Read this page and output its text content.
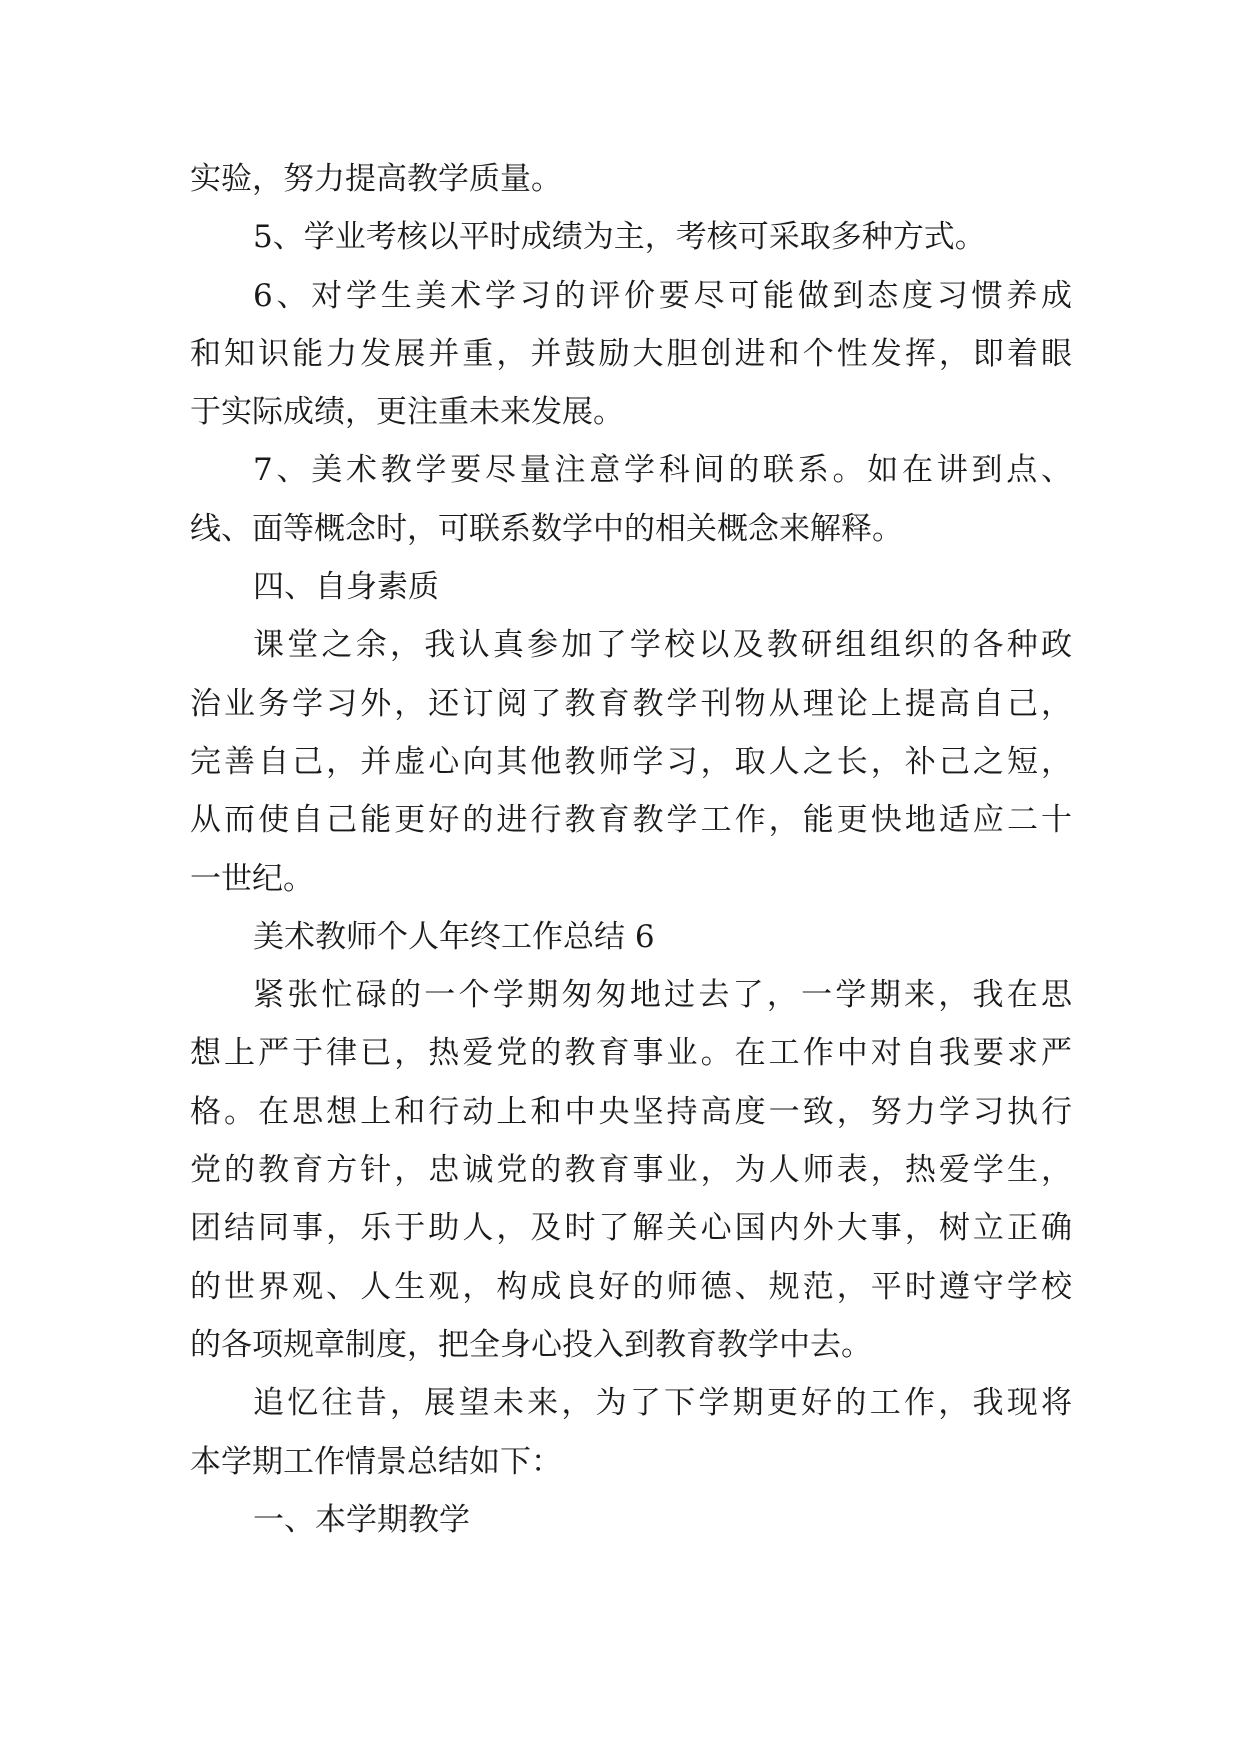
实验，努力提高教学质量。
5、学业考核以平时成绩为主，考核可采取多种方式。
6、对学生美术学习的评价要尽可能做到态度习惯养成
和知识能力发展并重，并鼓励大胆创进和个性发挥，即着眼
于实际成绩，更注重未来发展。
7、美术教学要尽量注意学科间的联系。如在讲到点、
线、面等概念时，可联系数学中的相关概念来解释。
四、自身素质
课堂之余，我认真参加了学校以及教研组组织的各种政
治业务学习外，还订阅了教育教学刊物从理论上提高自己，
完善自己，并虚心向其他教师学习，取人之长，补己之短，
从而使自己能更好的进行教育教学工作，能更快地适应二十
一世纪。
美术教师个人年终工作总结 6
紧张忙碌的一个学期匆匆地过去了，一学期来，我在思
想上严于律已，热爱党的教育事业。在工作中对自我要求严
格。在思想上和行动上和中央坚持高度一致，努力学习执行
党的教育方针，忠诚党的教育事业，为人师表，热爱学生，
团结同事，乐于助人，及时了解关心国内外大事，树立正确
的世界观、人生观，构成良好的师德、规范，平时遵守学校
的各项规章制度，把全身心投入到教育教学中去。
追忆往昔，展望未来，为了下学期更好的工作，我现将
本学期工作情景总结如下：
一、本学期教学
